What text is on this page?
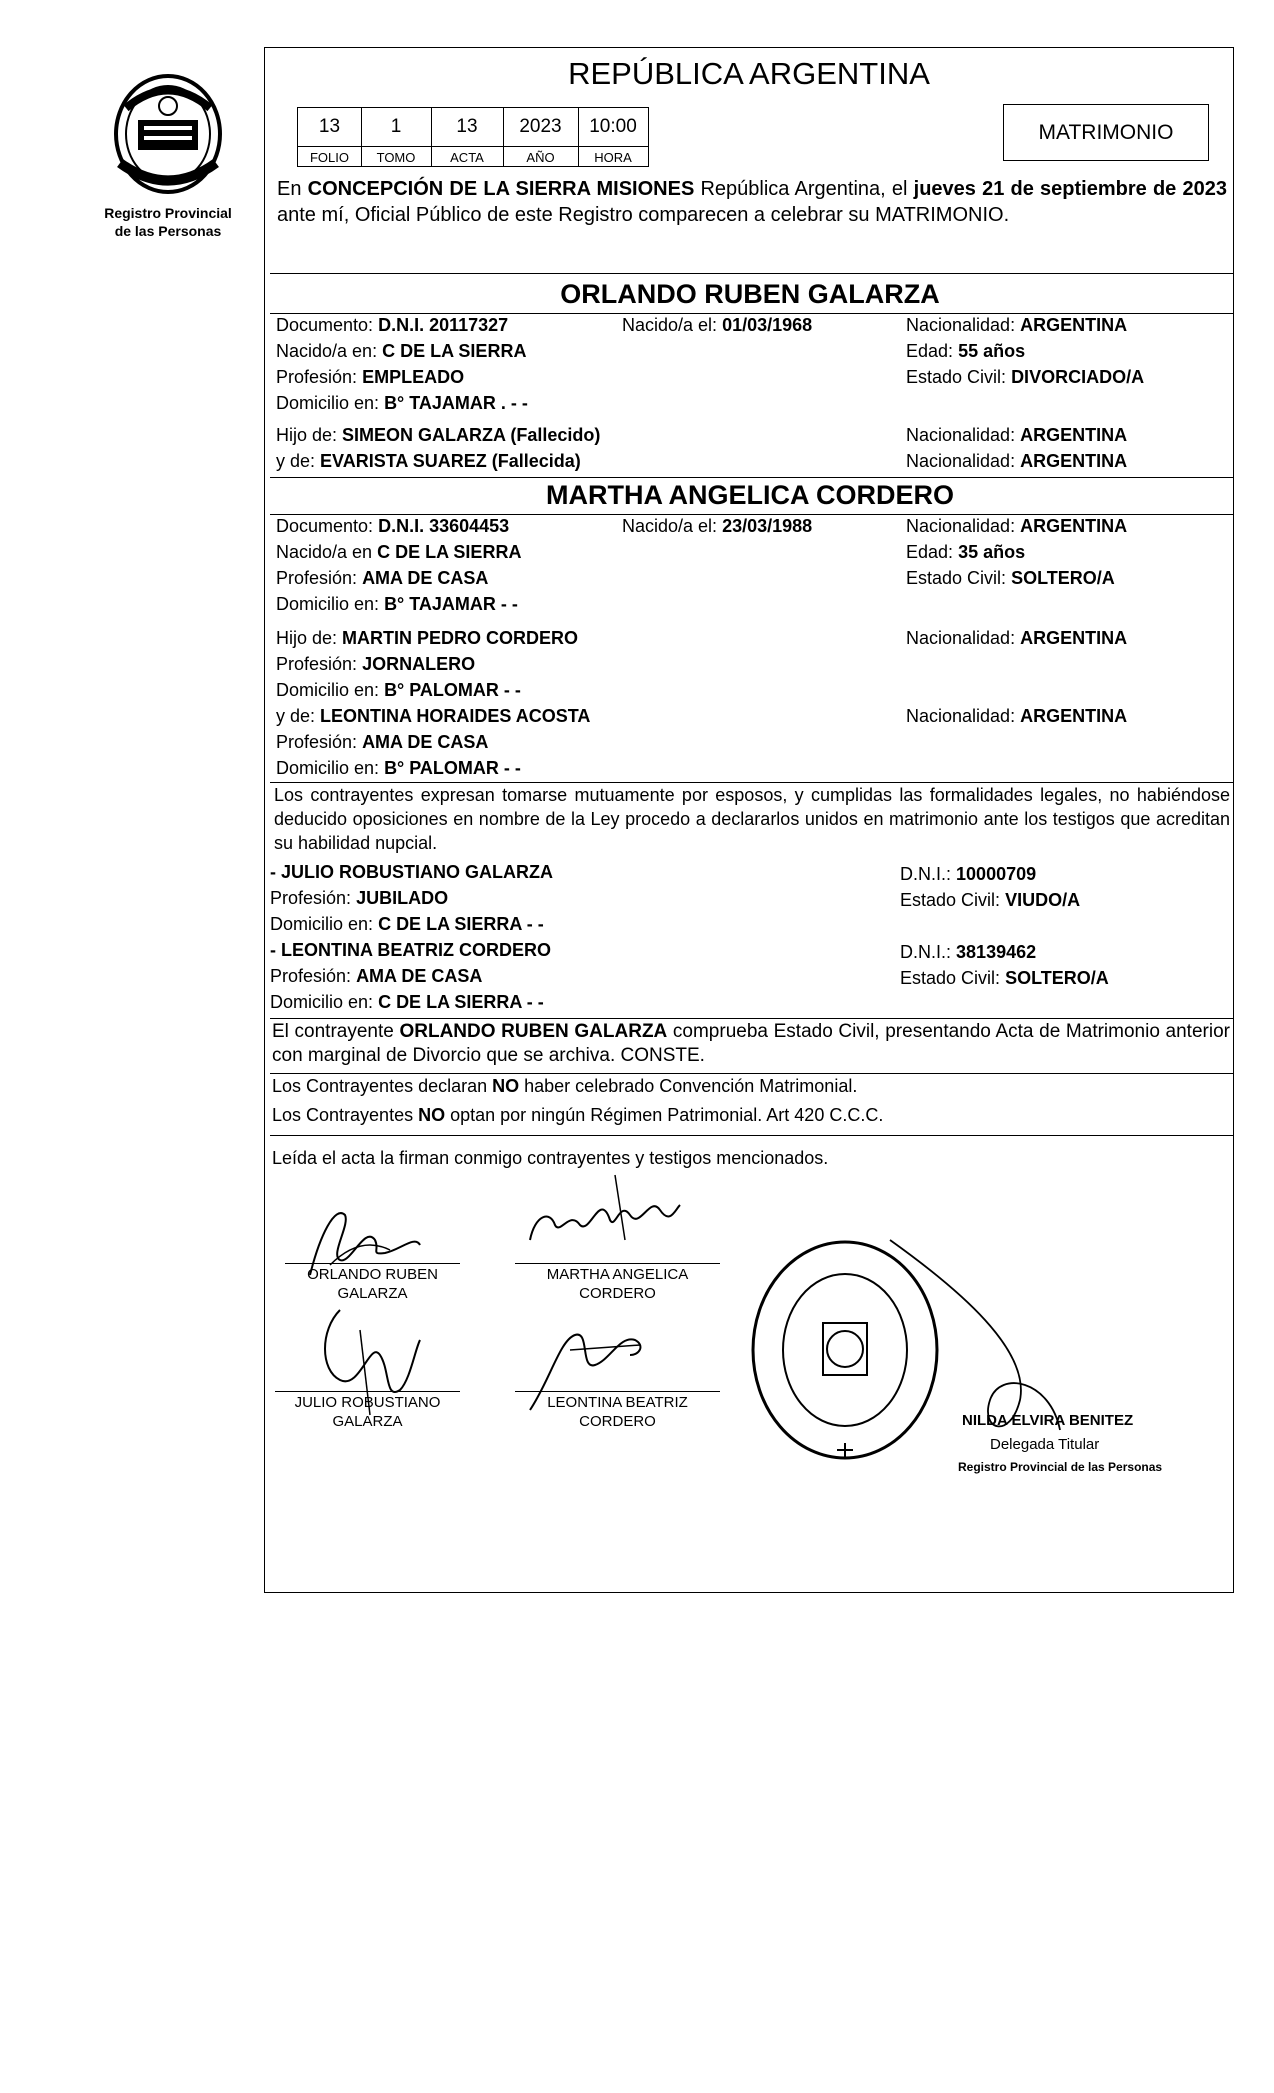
Registro Provincial
de las Personas
REPÚBLICA ARGENTINA
13	1	13	2023	10:00
FOLIO	TOMO	ACTA	AÑO	HORA
MATRIMONIO
En CONCEPCIÓN DE LA SIERRA MISIONES República Argentina, el jueves 21 de septiembre de 2023 ante mí, Oficial Público de este Registro comparecen a celebrar su MATRIMONIO.
ORLANDO RUBEN GALARZA
Documento: D.N.I. 20117327	Nacido/a el: 01/03/1968	Nacionalidad: ARGENTINA
Nacido/a en: C DE LA SIERRA	Edad: 55 años
Profesión: EMPLEADO	Estado Civil: DIVORCIADO/A
Domicilio en: B° TAJAMAR . - -
Hijo de: SIMEON GALARZA (Fallecido)	Nacionalidad: ARGENTINA
y de: EVARISTA SUAREZ (Fallecida)	Nacionalidad: ARGENTINA
MARTHA ANGELICA CORDERO
Documento: D.N.I. 33604453	Nacido/a el: 23/03/1988	Nacionalidad: ARGENTINA
Nacido/a en C DE LA SIERRA	Edad: 35 años
Profesión: AMA DE CASA	Estado Civil: SOLTERO/A
Domicilio en: B° TAJAMAR - -
Hijo de: MARTIN PEDRO CORDERO	Nacionalidad: ARGENTINA
Profesión: JORNALERO
Domicilio en: B° PALOMAR - -
y de: LEONTINA HORAIDES ACOSTA	Nacionalidad: ARGENTINA
Profesión: AMA DE CASA
Domicilio en: B° PALOMAR - -
Los contrayentes expresan tomarse mutuamente por esposos, y cumplidas las formalidades legales, no habiéndose deducido oposiciones en nombre de la Ley procedo a declararlos unidos en matrimonio ante los testigos que acreditan su habilidad nupcial.
- JULIO ROBUSTIANO GALARZA	D.N.I.: 10000709
Profesión: JUBILADO	Estado Civil: VIUDO/A
Domicilio en: C DE LA SIERRA - -
- LEONTINA BEATRIZ CORDERO	D.N.I.: 38139462
Profesión: AMA DE CASA	Estado Civil: SOLTERO/A
Domicilio en: C DE LA SIERRA - -
El contrayente ORLANDO RUBEN GALARZA comprueba Estado Civil, presentando Acta de Matrimonio anterior con marginal de Divorcio que se archiva. CONSTE.
Los Contrayentes declaran NO haber celebrado Convención Matrimonial.
Los Contrayentes NO optan por ningún Régimen Patrimonial. Art 420 C.C.C.
Leída el acta la firman conmigo contrayentes y testigos mencionados.
ORLANDO RUBEN
GALARZA
MARTHA ANGELICA
CORDERO
JULIO ROBUSTIANO
GALARZA
LEONTINA BEATRIZ
CORDERO	NILDA ELVIRA BENITEZ
Delegada Titular
Registro Provincial de las Personas
